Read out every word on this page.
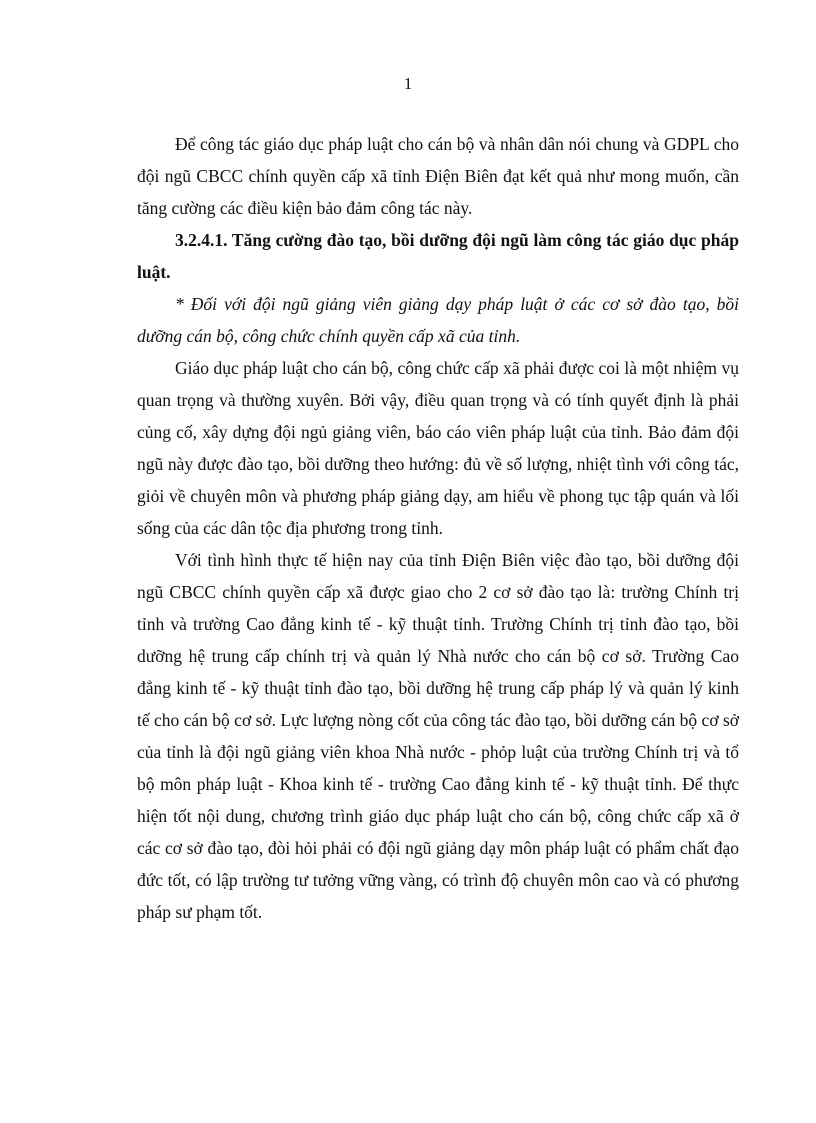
1

Để công tác giáo dục pháp luật cho cán bộ và nhân dân nói chung và GDPL cho đội ngũ CBCC chính quyền cấp xã tỉnh Điện Biên đạt kết quả như mong muốn, cần tăng cường các điều kiện bảo đảm công tác này.

3.2.4.1. Tăng cường đào tạo, bồi dưỡng đội ngũ làm công tác giáo dục pháp luật.

* Đối với đội ngũ giảng viên giảng dạy pháp luật ở các cơ sở đào tạo, bồi dưỡng cán bộ, công chức chính quyền cấp xã của tỉnh.

Giáo dục pháp luật cho cán bộ, công chức cấp xã phải được coi là một nhiệm vụ quan trọng và thường xuyên. Bởi vậy, điều quan trọng và có tính quyết định là phải củng cố, xây dựng đội ngủ giảng viên, báo cáo viên pháp luật của tỉnh. Bảo đảm đội ngũ này được đào tạo, bồi dưỡng theo hướng: đủ về số lượng, nhiệt tình với công tác, giỏi về chuyên môn và phương pháp giảng dạy, am hiểu về phong tục tập quán và lối sống của các dân tộc địa phương trong tỉnh.

Với tình hình thực tế hiện nay của tỉnh Điện Biên việc đào tạo, bồi dưỡng đội ngũ CBCC chính quyền cấp xã được giao cho 2 cơ sở đào tạo là: trường Chính trị tỉnh và trường Cao đẳng kinh tế - kỹ thuật tỉnh. Trường Chính trị tỉnh đào tạo, bồi dưỡng hệ trung cấp chính trị và quản lý Nhà nước cho cán bộ cơ sở. Trường Cao đẳng kinh tế - kỹ thuật tỉnh đào tạo, bồi dưỡng hệ trung cấp pháp lý và quản lý kinh tế cho cán bộ cơ sở. Lực lượng nòng cốt của công tác đào tạo, bồi dưỡng cán bộ cơ sở của tỉnh là đội ngũ giảng viên khoa Nhà nước - phỏp luật của trường Chính trị và tổ bộ môn pháp luật - Khoa kinh tế - trường Cao đẳng kinh tế - kỹ thuật tỉnh. Để thực hiện tốt nội dung, chương trình giáo dục pháp luật cho cán bộ, công chức cấp xã ở các cơ sở đào tạo, đòi hỏi phải có đội ngũ giảng dạy môn pháp luật có phẩm chất đạo đức tốt, có lập trường tư tưởng vững vàng, có trình độ chuyên môn cao và có phương pháp sư phạm tốt.
